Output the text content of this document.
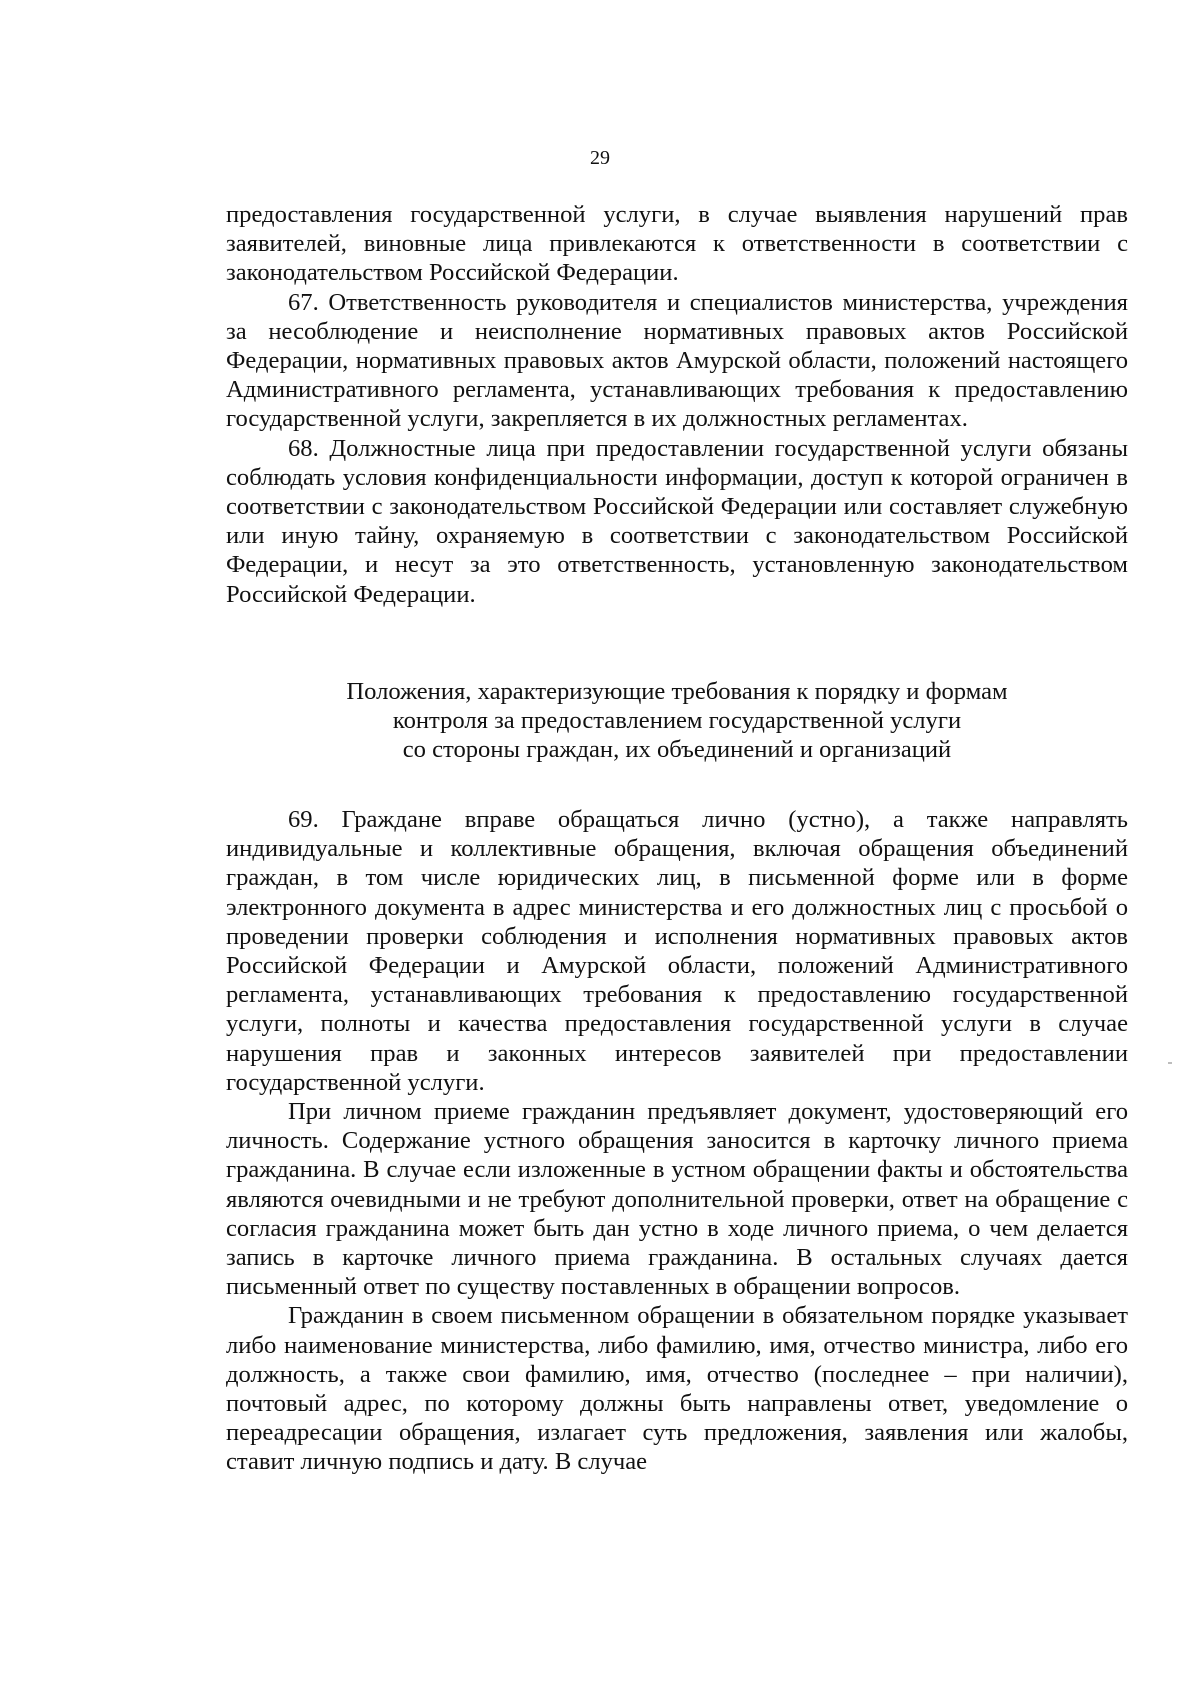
29

предоставления государственной услуги, в случае выявления нарушений прав заявителей, виновные лица привлекаются к ответственности в соответствии с законодательством Российской Федерации.

67. Ответственность руководителя и специалистов министерства, учреждения за несоблюдение и неисполнение нормативных правовых актов Российской Федерации, нормативных правовых актов Амурской области, положений настоящего Административного регламента, устанавливающих требования к предоставлению государственной услуги, закрепляется в их должностных регламентах.

68. Должностные лица при предоставлении государственной услуги обязаны соблюдать условия конфиденциальности информации, доступ к которой ограничен в соответствии с законодательством Российской Федерации или составляет служебную или иную тайну, охраняемую в соответствии с законодательством Российской Федерации, и несут за это ответственность, установленную законодательством Российской Федерации.

Положения, характеризующие требования к порядку и формам
контроля за предоставлением государственной услуги
со стороны граждан, их объединений и организаций

69. Граждане вправе обращаться лично (устно), а также направлять индивидуальные и коллективные обращения, включая обращения объединений граждан, в том числе юридических лиц, в письменной форме или в форме электронного документа в адрес министерства и его должностных лиц с просьбой о проведении проверки соблюдения и исполнения нормативных правовых актов Российской Федерации и Амурской области, положений Административного регламента, устанавливающих требования к предоставлению государственной услуги, полноты и качества предоставления государственной услуги в случае нарушения прав и законных интересов заявителей при предоставлении государственной услуги.

При личном приеме гражданин предъявляет документ, удостоверяющий его личность. Содержание устного обращения заносится в карточку личного приема гражданина. В случае если изложенные в устном обращении факты и обстоятельства являются очевидными и не требуют дополнительной проверки, ответ на обращение с согласия гражданина может быть дан устно в ходе личного приема, о чем делается запись в карточке личного приема гражданина. В остальных случаях дается письменный ответ по существу поставленных в обращении вопросов.

Гражданин в своем письменном обращении в обязательном порядке указывает либо наименование министерства, либо фамилию, имя, отчество министра, либо его должность, а также свои фамилию, имя, отчество (последнее – при наличии), почтовый адрес, по которому должны быть направлены ответ, уведомление о переадресации обращения, излагает суть предложения, заявления или жалобы, ставит личную подпись и дату. В случае
